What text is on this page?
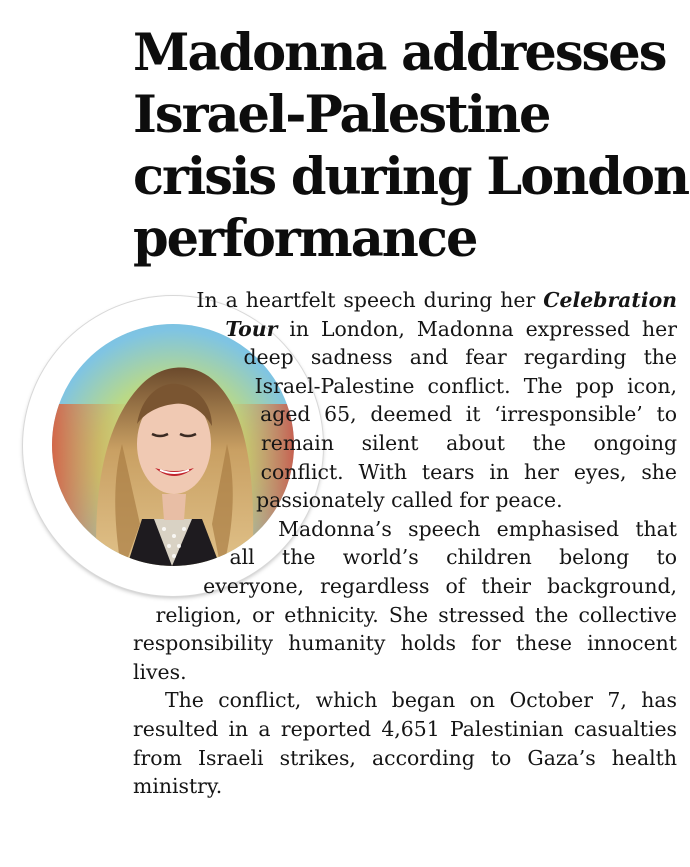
Madonna addresses
Israel-Palestine
crisis during London
performance

In a heartfelt speech during her Celebration Tour in London, Madonna expressed her deep sadness and fear regarding the Israel-Palestine conflict. The pop icon, aged 65, deemed it ‘irresponsible’ to remain silent about the ongoing conflict. With tears in her eyes, she passionately called for peace.

Madonna’s speech emphasised that all the world’s children belong to everyone, regardless of their background, religion, or ethnicity. She stressed the collective responsibility humanity holds for these innocent lives.

The conflict, which began on October 7, has resulted in a reported 4,651 Palestinian casualties from Israeli strikes, according to Gaza’s health ministry.
